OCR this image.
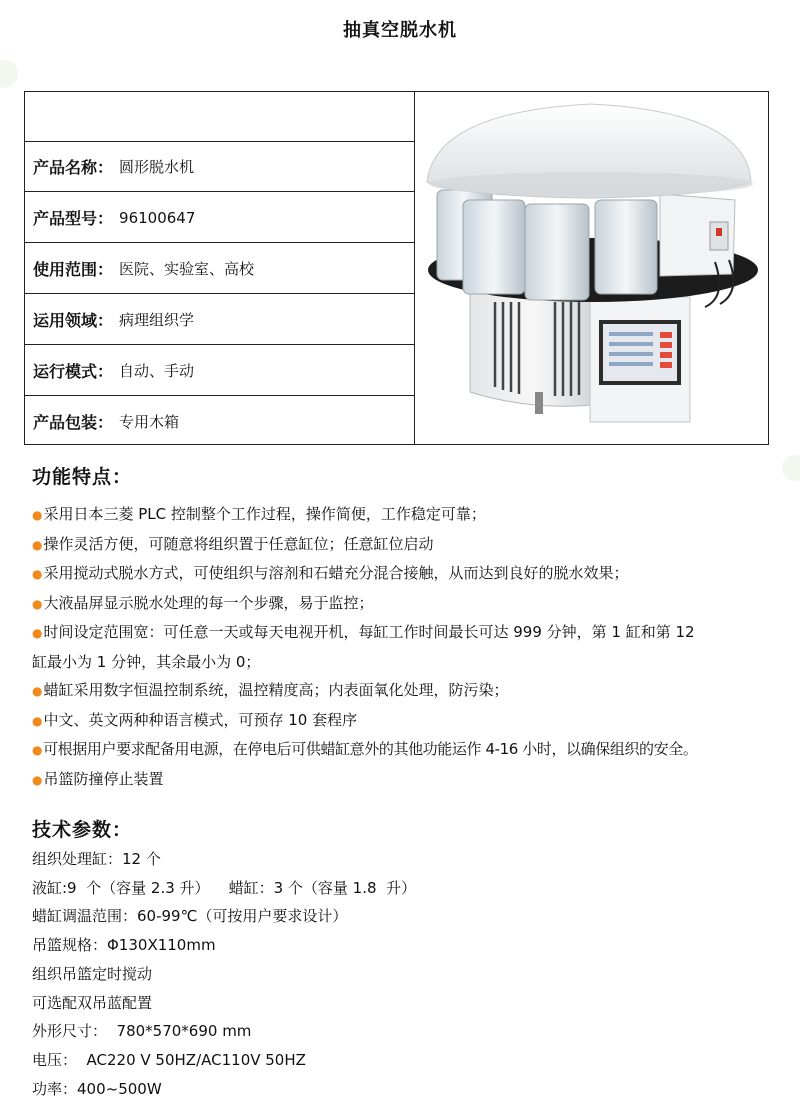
抽真空脱水机
产品名称 ： 圆形脱水机
产品型号 ： 96100647
使用范围 ： 医院、实验室、高校
运用领域 ： 病理组织学
运行模式 ： 自动、手动
产品包装 ： 专用木箱
功能特点：
●采用日本三菱 PLC 控制整个工作过程，操作简便，工作稳定可靠；
●操作灵活方便，可随意将组织置于任意缸位；任意缸位启动
●采用搅动式脱水方式，可使组织与溶剂和石蜡充分混合接触，从而达到良好的脱水效果；
●大液晶屏显示脱水处理的每一个步骤，易于监控；
●时间设定范围宽：可任意一天或每天电视开机，每缸工作时间最长可达 999 分钟，第 1 缸和第 12
缸最小为 1 分钟，其余最小为 0；
●蜡缸采用数字恒温控制系统，温控精度高；内表面氧化处理，防污染；
●中文、英文两种种语言模式，可预存 10 套程序
●可根据用户要求配备用电源，在停电后可供蜡缸意外的其他功能运作 4-16 小时，以确保组织的安全。
●吊篮防撞停止装置
技术参数：
组织处理缸：12 个
液缸:9  个（容量 2.3 升）    蜡缸：3 个（容量 1.8  升）
蜡缸调温范围：60-99℃（可按用户要求设计）
吊篮规格：Φ130X110mm
组织吊篮定时搅动
可选配双吊蓝配置
外形尺寸：  780*570*690 mm
电压：  AC220 V 50HZ/AC110V 50HZ
功率：400~500W
